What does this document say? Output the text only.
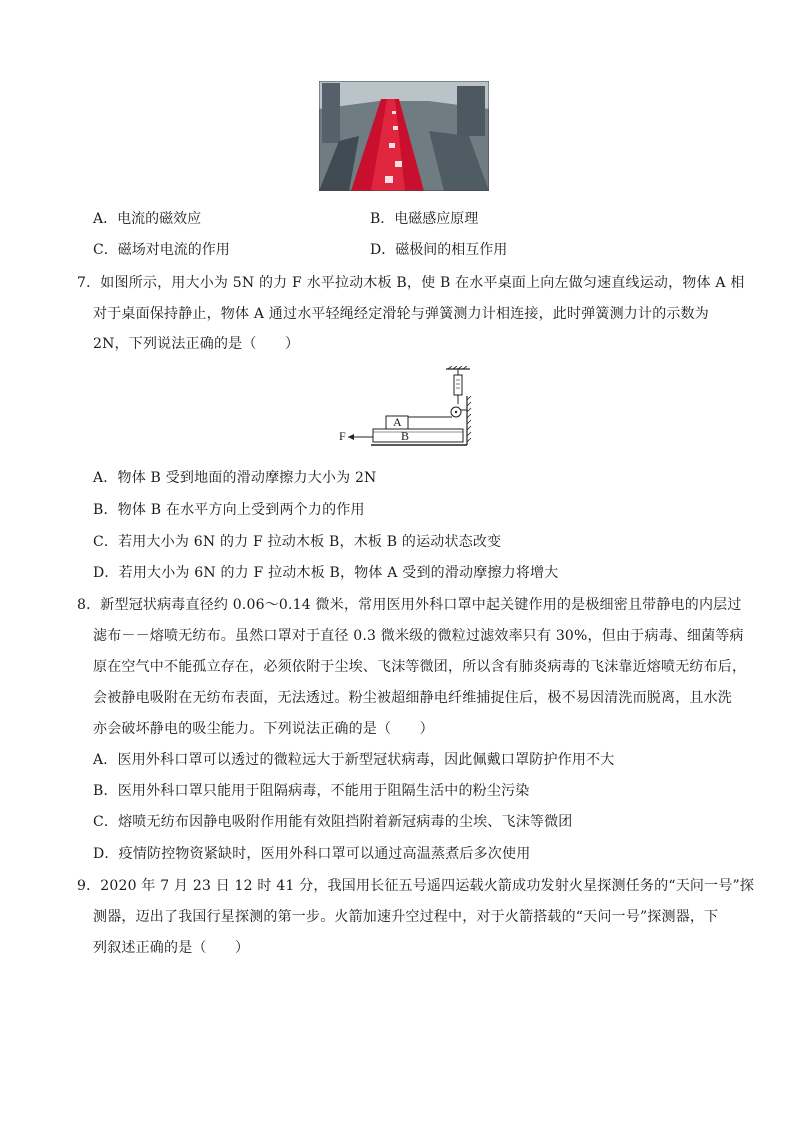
A．电流的磁效应	B．电磁感应原理
C．磁场对电流的作用	D．磁极间的相互作用
7．如图所示，用大小为 5N 的力 F 水平拉动木板 B，使 B 在水平桌面上向左做匀速直线运动，物体 A 相
对于桌面保持静止，物体 A 通过水平轻绳经定滑轮与弹簧测力计相连接，此时弹簧测力计的示数为
2N，下列说法正确的是（　　）
A
B
F
A．物体 B 受到地面的滑动摩擦力大小为 2N
B．物体 B 在水平方向上受到两个力的作用
C．若用大小为 6N 的力 F 拉动木板 B，木板 B 的运动状态改变
D．若用大小为 6N 的力 F 拉动木板 B，物体 A 受到的滑动摩擦力将增大
8．新型冠状病毒直径约 0.06～0.14 微米，常用医用外科口罩中起关键作用的是极细密且带静电的内层过
滤布－－熔喷无纺布。虽然口罩对于直径 0.3 微米级的微粒过滤效率只有 30%，但由于病毒、细菌等病
原在空气中不能孤立存在，必须依附于尘埃、飞沫等微团，所以含有肺炎病毒的飞沫靠近熔喷无纺布后，
会被静电吸附在无纺布表面，无法透过。粉尘被超细静电纤维捕捉住后，极不易因清洗而脱离，且水洗
亦会破坏静电的吸尘能力。下列说法正确的是（　　）
A．医用外科口罩可以透过的微粒远大于新型冠状病毒，因此佩戴口罩防护作用不大
B．医用外科口罩只能用于阻隔病毒，不能用于阻隔生活中的粉尘污染
C．熔喷无纺布因静电吸附作用能有效阻挡附着新冠病毒的尘埃、飞沫等微团
D．疫情防控物资紧缺时，医用外科口罩可以通过高温蒸煮后多次使用
9．2020 年 7 月 23 日 12 时 41 分，我国用长征五号遥四运载火箭成功发射火星探测任务的“天问一号”探
测器，迈出了我国行星探测的第一步。火箭加速升空过程中，对于火箭搭载的“天问一号”探测器，下
列叙述正确的是（　　）
